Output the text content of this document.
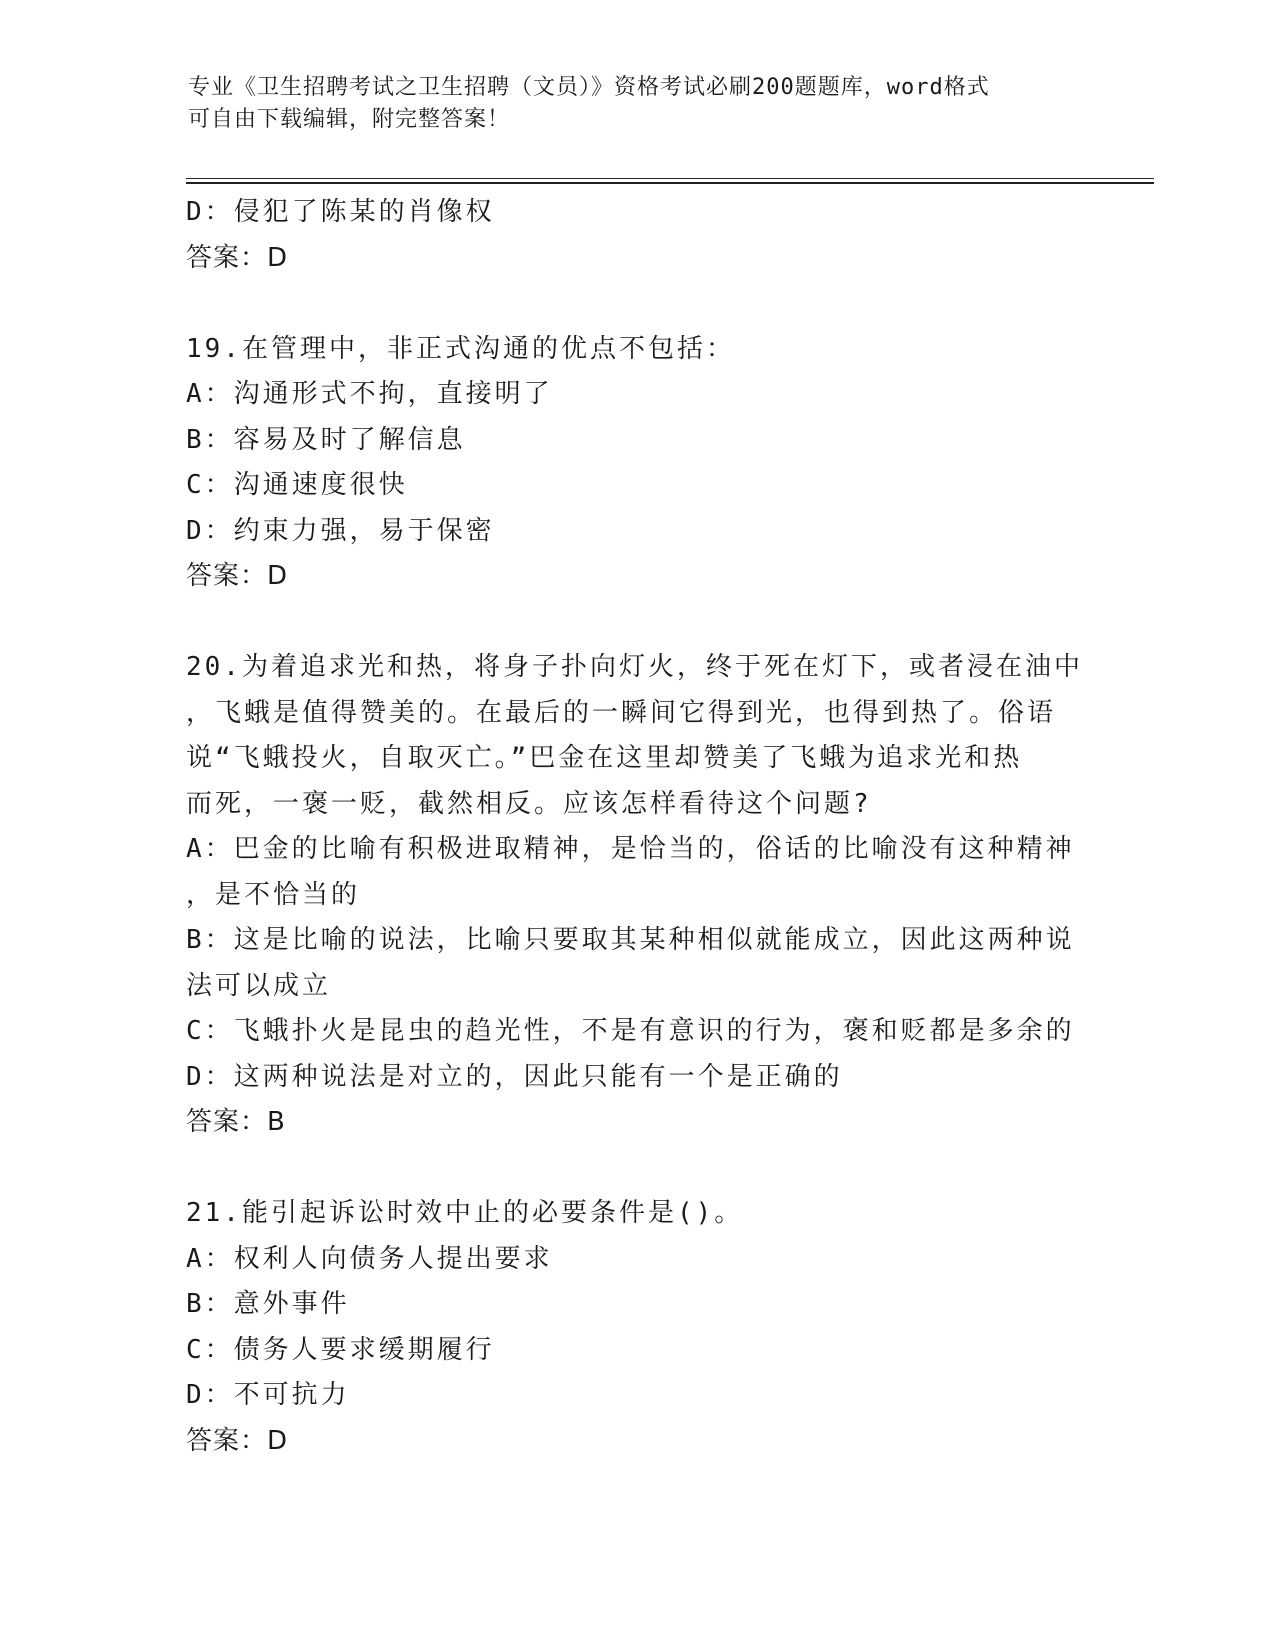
专业《卫生招聘考试之卫生招聘（文员）》资格考试必刷200题题库，word格式
可自由下载编辑，附完整答案！
D：侵犯了陈某的肖像权
答案：D
19.在管理中，非正式沟通的优点不包括：
A：沟通形式不拘，直接明了
B：容易及时了解信息
C：沟通速度很快
D：约束力强，易于保密
答案：D
20.为着追求光和热，将身子扑向灯火，终于死在灯下，或者浸在油中
，飞蛾是值得赞美的。在最后的一瞬间它得到光，也得到热了。俗语
说“飞蛾投火，自取灭亡。”巴金在这里却赞美了飞蛾为追求光和热
而死，一褒一贬，截然相反。应该怎样看待这个问题?
A：巴金的比喻有积极进取精神，是恰当的，俗话的比喻没有这种精神
，是不恰当的
B：这是比喻的说法，比喻只要取其某种相似就能成立，因此这两种说
法可以成立
C：飞蛾扑火是昆虫的趋光性，不是有意识的行为，褒和贬都是多余的
D：这两种说法是对立的，因此只能有一个是正确的
答案：B
21.能引起诉讼时效中止的必要条件是()。
A：权利人向债务人提出要求
B：意外事件
C：债务人要求缓期履行
D：不可抗力
答案：D
